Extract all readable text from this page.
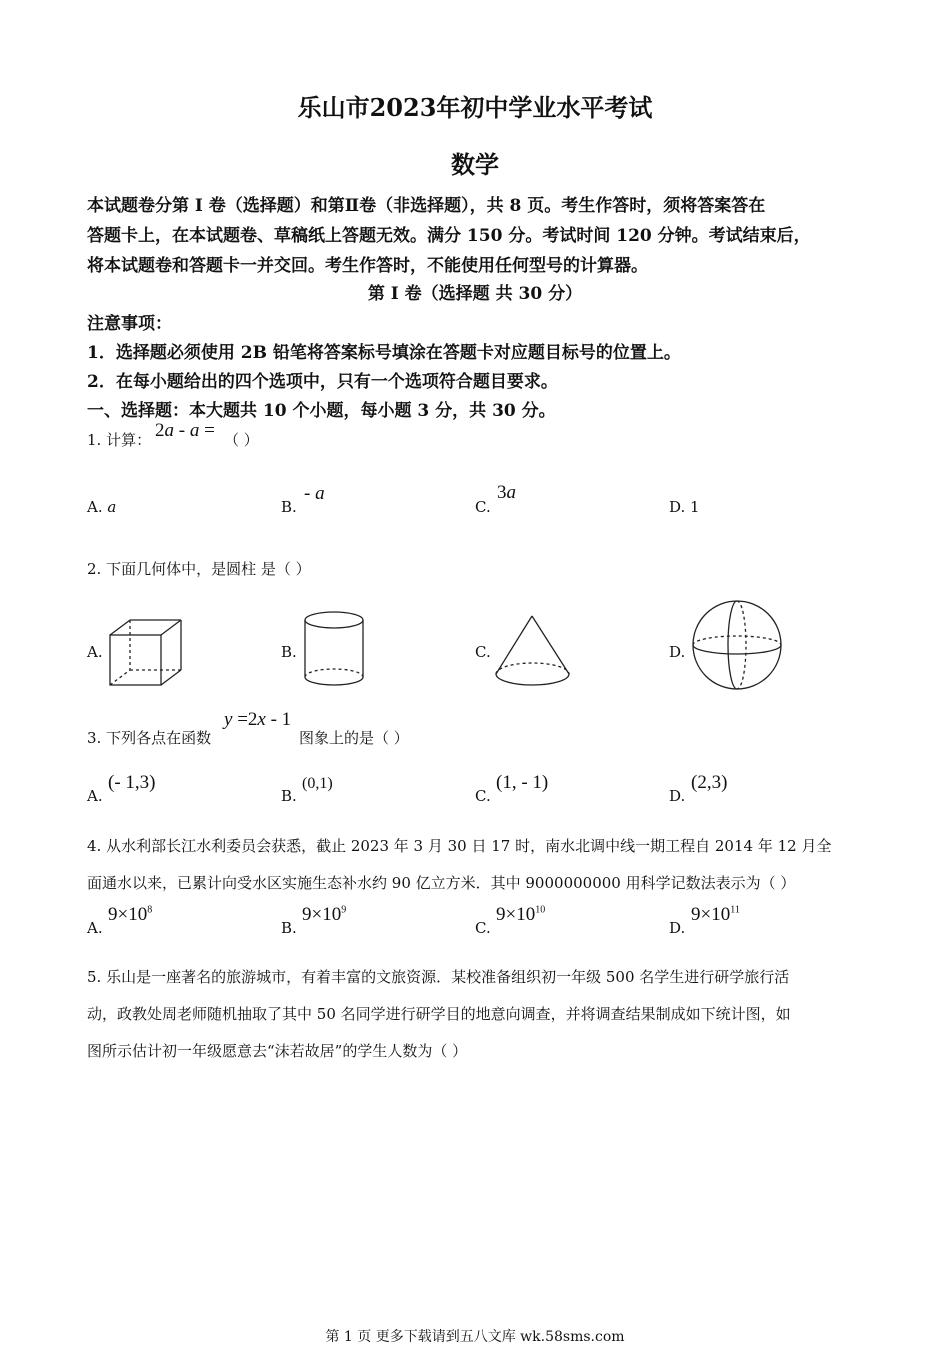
乐山市2023年初中学业水平考试
数学
本试题卷分第 I 卷（选择题）和第Ⅱ卷（非选择题），共 8 页。考生作答时，须将答案答在
答题卡上，在本试题卷、草稿纸上答题无效。满分 150 分。考试时间 120 分钟。考试结束后，
将本试题卷和答题卡一并交回。考生作答时，不能使用任何型号的计算器。
第 I 卷（选择题 共 30 分）
注意事项：
1．选择题必须使用 2B 铅笔将答案标号填涂在答题卡对应题目标号的位置上。
2．在每小题给出的四个选项中，只有一个选项符合题目要求。
一、选择题：本大题共 10 个小题，每小题 3 分，共 30 分。
1. 计算： 2a - a = （ ）
A. a	B.
- a
C.
3a
D. 1
2. 下面几何体中，是圆柱 是（ ）
A.	B.	C.	D.
3. 下列各点在函数
y =2x - 1
图象上的是（ ）
A.
(- 1,3)
B.
(0,1)
C.
(1, - 1)
D.
(2,3)
4. 从水利部长江水利委员会获悉，截止 2023 年 3 月 30 日 17 时，南水北调中线一期工程自 2014 年 12 月全
面通水以来，已累计向受水区实施生态补水约 90 亿立方米．其中 9000000000 用科学记数法表示为（ ）
A.
$9\times 10^8$
B.
$9\times 10^9$
C.
$9\times 10^{10}$
D.
$9\times 10^{11}$
5. 乐山是一座著名的旅游城市，有着丰富的文旅资源．某校准备组织初一年级 500 名学生进行研学旅行活
动，政教处周老师随机抽取了其中 50 名同学进行研学目的地意向调查，并将调查结果制成如下统计图，如
图所示估计初一年级愿意去“沫若故居”的学生人数为（ ）
第 1 页 更多下载请到五八文库 wk.58sms.com
